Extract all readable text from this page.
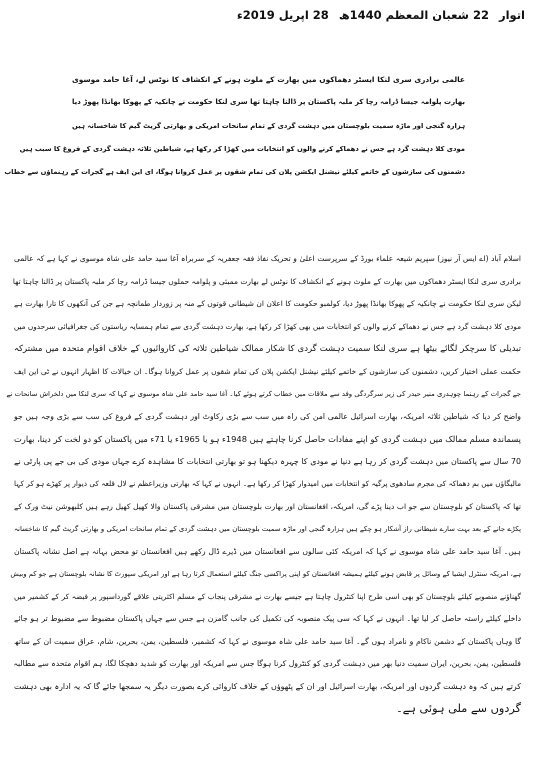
اتوار
22 شعبان المعظم 1440ھ
28 اپریل 2019ء
عالمی برادری سری لنکا ایسٹر دھماکوں میں بھارت کے ملوث ہونے کے انکشاف کا نوٹس لے، آغا حامد موسوی
بھارت پلوامہ جیسا ڈرامہ رچا کر ملبہ پاکستان پر ڈالنا چاہتا تھا سری لنکا حکومت نے چانکیہ کے پھوکا بھانڈا پھوڑ دیا
ہزارہ گنجی اور ماڑہ سمیت بلوچستان میں دہشت گردی کے تمام سانحات امریکی و بھارتی گریٹ گیم کا شاخسانہ ہیں
مودی کلا دہشت گرد ہے جس نے دھماکے کرنے والوں کو انتخابات میں کھڑا کر رکھا ہے، شیاطین ثلاثہ دہشت گردی کے فروغ کا سبب ہیں
دشمنوں کی سازشوں کے خاتمے کیلئے نیشنل ایکشن پلان کی تمام شقوں پر عمل کروانا ہوگا، ای این ایف ہے گجرات کے رہنماؤں سے خطاب
اسلام آباد (اے ایس آر نیوز) سپریم شیعہ علماء بورڈ کے سرپرست اعلیٰ و تحریک نفاذ فقہ جعفریہ کے سربراہ آغا سید حامد علی شاہ موسوی نے کہا ہے کہ عالمی
برادری سری لنکا ایسٹر دھماکوں میں بھارت کے ملوث ہونے کے انکشاف کا نوٹس لے بھارت ممبئی و پلوامہ حملوں جیسا ڈرامہ رچا کر ملبہ پاکستان پر ڈالنا چاہتا تھا
لیکن سری لنکا حکومت نے چانکیہ کے پھوکا بھانڈا پھوڑ دیا، کولمبو حکومت کا اعلان ان شیطانی قوتوں کے منہ پر زوردار طمانچہ ہے جن کی آنکھوں کا تارا بھارت ہے
مودی کلا دہشت گرد ہے جس نے دھماکے کرنے والوں کو انتخابات میں بھی کھڑا کر رکھا ہے، بھارت دہشت گردی سے تمام ہمسایہ ریاستوں کی جغرافیائی سرحدوں میں
تبدیلی کا سرچکر لگائے بیٹھا ہے سری لنکا سمیت دہشت گردی کا شکار ممالک شیاطین ثلاثہ کی کاروائیوں کے خلاف اقوام متحدہ میں مشترکہ
حکمت عملی اختیار کریں، دشمنوں کی سازشوں کے خاتمے کیلئے نیشنل ایکشن پلان کی تمام شقوں پر عمل کروانا ہوگا۔ ان خیالات کا اظہار انہوں نے ٹی این ایف
جے گجرات کے رہنما چوہدری منیر حیدر کی زیر سرگردگی وفد سے ملاقات میں خطاب کرتے ہوئے کیا۔ آغا سید حامد علی شاہ موسوی نے کہا کہ سری لنکا میں دلخراش سانحات نے
واضح کر دیا کہ شیاطین ثلاثہ امریکہ، بھارت اسرائیل عالمی امن کی راہ میں سب سے بڑی رکاوٹ اور دہشت گردی کے فروغ کی سب سے بڑی وجہ ہیں جو
پسماندہ مسلم ممالک میں دہشت گردی کو اپنے مفادات حاصل کرنا چاہتے ہیں 1948ء ہو یا 1965ء یا 71ء میں پاکستان کو دو لخت کر دینا، بھارت
70 سال سے پاکستان میں دہشت گردی کر رہا ہے دنیا نے مودی کا چہرہ دیکھنا ہو تو بھارتی انتخابات کا مشاہدہ کرے جہاں مودی کی بی جے پی پارٹی نے
مالیگاؤں میں بم دھماکہ کی مجرم سادھوی پرگیہ کو انتخابات میں امیدوار کھڑا کر رکھا ہے۔ انہوں نے کہا کہ بھارتی وزیراعظم نے لال قلعہ کی دیوار پر کھڑے ہو کر کہا
تھا کہ پاکستان کو بلوچستان سے جو اب دینا پڑے گی، امریکہ، افغانستان اور بھارت بلوچستان میں مشرقی پاکستان والا کھیل کھیل رہے ہیں کلبھوشن نیٹ ورک کے
پکڑے جانے کے بعد بہت سارے شیطانی راز آشکار ہو چکے ہیں ہزارہ گنجی اور ماڑہ سمیت بلوچستان میں دہشت گردی کے تمام سانحات امریکی و بھارتی گریٹ گیم کا شاخسانہ
ہیں۔ آغا سید حامد علی شاہ موسوی نے کہا کہ امریکہ کئی سالوں سے افغانستان میں ڈیرے ڈال رکھے ہیں افغانستان تو محض بہانہ ہے اصل نشانہ پاکستان
ہے، امریکہ سنٹرل ایشیا کے وسائل پر قابض ہونے کیلئے ہمیشہ افغانستان کو اپنی پراکسی جنگ کیلئے استعمال کرتا رہا ہے اور امریکی سپورٹ کا نشانہ بلوچستان ہے جو کم وبیش
گھناؤنے منصوبے کیلئے بلوچستان کو بھی اسی طرح اپنا کنٹرول چاہتا ہے جیسے بھارت نے مشرقی پنجاب کے مسلم اکثریتی علاقے گورداسپور پر قبضہ کر کے کشمیر میں
داخلے کیلئے راستہ حاصل کر لیا تھا۔ انہوں نے کہا کہ سی پیک منصوبہ کی تکمیل کی جانب گامزن ہے جس سے جہاں پاکستان مضبوط سے مضبوط تر ہو جائے
گا وہاں پاکستان کے دشمن ناکام و نامراد ہوں گے۔ آغا سید حامد علی شاہ موسوی نے کہا کہ کشمیر، فلسطین، یمن، بحرین، شام، عراق سمیت ان کے ساتھ
فلسطین، یمن، بحرین، ایران سمیت دنیا بھر میں دہشت گردی کو کنٹرول کرنا ہوگا جس سے امریکہ اور بھارت کو شدید دھچکا لگا، ہم اقوام متحدہ سے مطالبہ
کرتے ہیں کہ وہ دہشت گردوں اور امریکہ، بھارت اسرائیل اور ان کے پٹھوؤں کے خلاف کاروائی کرے بصورت دیگر یہ سمجھا جائے گا کہ یہ ادارہ بھی دہشت
گردوں سے ملی ہوئی ہے۔
